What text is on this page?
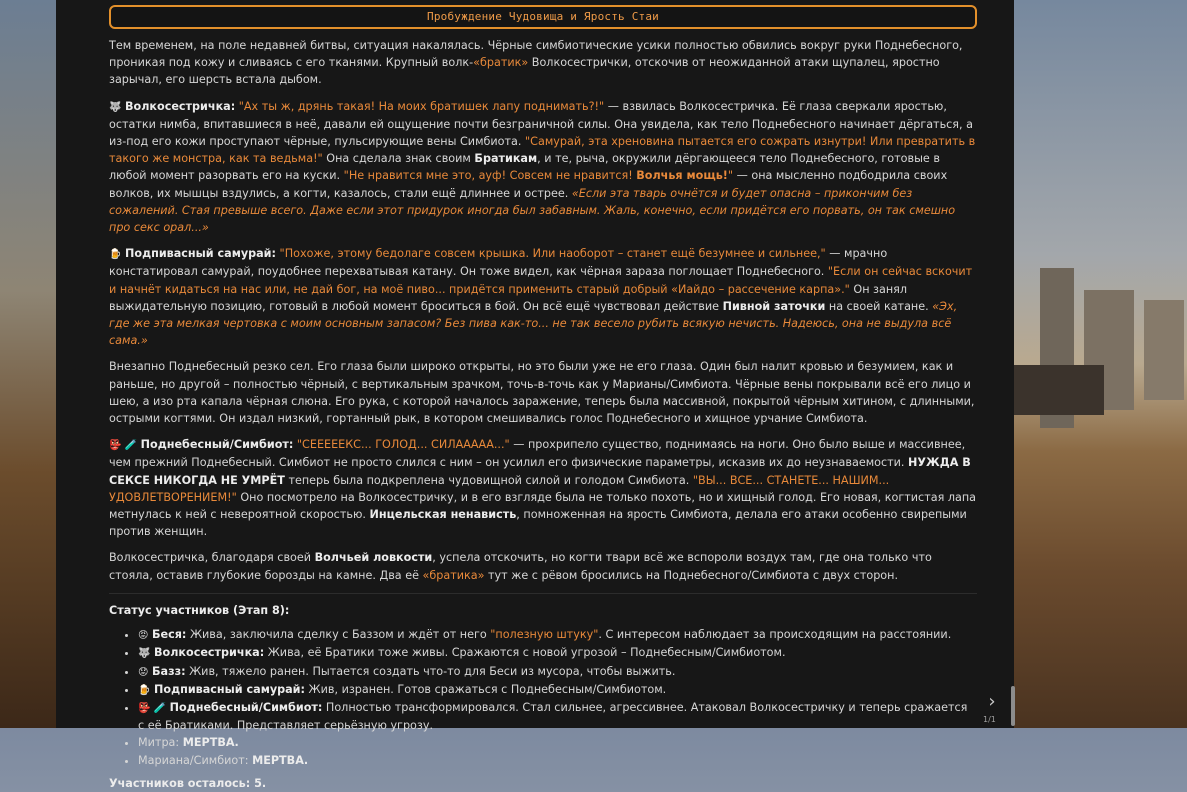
Пробуждение Чудовища и Ярость Стаи

Тем временем, на поле недавней битвы, ситуация накалялась. Чёрные симбиотические усики полностью обвились вокруг руки Поднебесного, проникая под кожу и сливаясь с его тканями. Крупный волк-«братик» Волкосестрички, отскочив от неожиданной атаки щупалец, яростно зарычал, его шерсть встала дыбом.

🐺 Волкосестричка: "Ах ты ж, дрянь такая! На моих братишек лапу поднимать?!" — взвилась Волкосестричка. Её глаза сверкали яростью, остатки нимба, впитавшиеся в неё, давали ей ощущение почти безграничной силы. Она увидела, как тело Поднебесного начинает дёргаться, а из-под его кожи проступают чёрные, пульсирующие вены Симбиота. "Самурай, эта хреновина пытается его сожрать изнутри! Или превратить в такого же монстра, как та ведьма!" Она сделала знак своим Братикам, и те, рыча, окружили дёргающееся тело Поднебесного, готовые в любой момент разорвать его на куски. "Не нравится мне это, ауф! Совсем не нравится! Волчья мощь!" — она мысленно подбодрила своих волков, их мышцы вздулись, а когти, казалось, стали ещё длиннее и острее. «Если эта тварь очнётся и будет опасна – прикончим без сожалений. Стая превыше всего. Даже если этот придурок иногда был забавным. Жаль, конечно, если придётся его порвать, он так смешно про секс орал...»

🍺 Подпивасный самурай: "Похоже, этому бедолаге совсем крышка. Или наоборот – станет ещё безумнее и сильнее," — мрачно констатировал самурай, поудобнее перехватывая катану. Он тоже видел, как чёрная зараза поглощает Поднебесного. "Если он сейчас вскочит и начнёт кидаться на нас или, не дай бог, на моё пиво... придётся применить старый добрый «Иайдо – рассечение карпа»." Он занял выжидательную позицию, готовый в любой момент броситься в бой. Он всё ещё чувствовал действие Пивной заточки на своей катане. «Эх, где же эта мелкая чертовка с моим основным запасом? Без пива как-то... не так весело рубить всякую нечисть. Надеюсь, она не выдула всё сама.»

Внезапно Поднебесный резко сел. Его глаза были широко открыты, но это были уже не его глаза. Один был налит кровью и безумием, как и раньше, но другой – полностью чёрный, с вертикальным зрачком, точь-в-точь как у Марианы/Симбиота. Чёрные вены покрывали всё его лицо и шею, а изо рта капала чёрная слюна. Его рука, с которой началось заражение, теперь была массивной, покрытой чёрным хитином, с длинными, острыми когтями. Он издал низкий, гортанный рык, в котором смешивались голос Поднебесного и хищное урчание Симбиота.

👺 🧪 Поднебесный/Симбиот: "СЕЕЕЕЕКС... ГОЛОД... СИЛААААА..." — прохрипело существо, поднимаясь на ноги. Оно было выше и массивнее, чем прежний Поднебесный. Симбиот не просто слился с ним – он усилил его физические параметры, исказив их до неузнаваемости. НУЖДА В СЕКСЕ НИКОГДА НЕ УМРЁТ теперь была подкреплена чудовищной силой и голодом Симбиота. "ВЫ... ВСЕ... СТАНЕТЕ... НАШИМ... УДОВЛЕТВОРЕНИЕМ!" Оно посмотрело на Волкосестричку, и в его взгляде была не только похоть, но и хищный голод. Его новая, когтистая лапа метнулась к ней с невероятной скоростью. Инцельская ненависть, помноженная на ярость Симбиота, делала его атаки особенно свирепыми против женщин.

Волкосестричка, благодаря своей Волчьей ловкости, успела отскочить, но когти твари всё же вспороли воздух там, где она только что стояла, оставив глубокие борозды на камне. Два её «братика» тут же с рёвом бросились на Поднебесного/Симбиота с двух сторон.

Статус участников (Этап 8):
• 😡 Беся: Жива, заключила сделку с Баззом и ждёт от него "полезную штуку". С интересом наблюдает за происходящим на расстоянии.
• 🐺 Волкосестричка: Жива, её Братики тоже живы. Сражаются с новой угрозой – Поднебесным/Симбиотом.
• 😟 Базз: Жив, тяжело ранен. Пытается создать что-то для Беси из мусора, чтобы выжить.
• 🍺 Подпивасный самурай: Жив, изранен. Готов сражаться с Поднебесным/Симбиотом.
• 👺 🧪 Поднебесный/Симбиот: Полностью трансформировался. Стал сильнее, агрессивнее. Атаковал Волкосестричку и теперь сражается с её Братиками. Представляет серьёзную угрозу.
• Митра: МЕРТВА.
• Мариана/Симбиот: МЕРТВА.
Участников осталось: 5.
›
1/1
